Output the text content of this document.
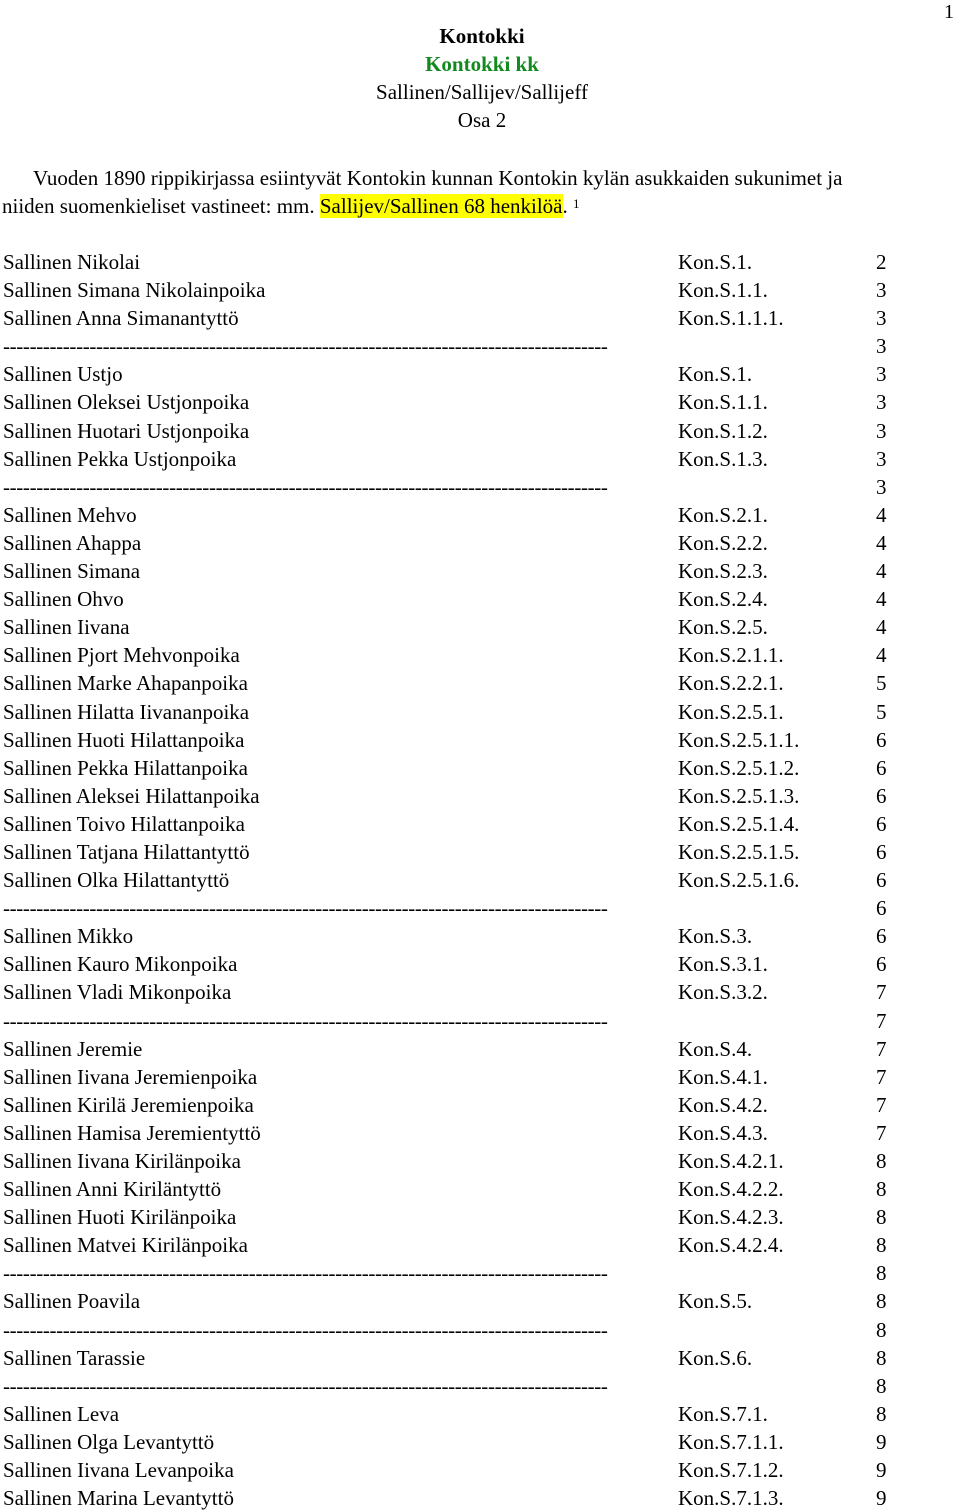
1
Kontokki
Kontokki kk
Sallinen/Sallijev/Sallijeff
Osa 2
Vuoden 1890 rippikirjassa esiintyvät Kontokin kunnan Kontokin kylän asukkaiden sukunimet ja
niiden suomenkieliset vastineet: mm. Sallijev/Sallinen 68 henkilöä. $^1$
Sallinen Nikolai	Kon.S.1.	2
Sallinen Simana Nikolainpoika	Kon.S.1.1.	3
Sallinen Anna Simanantyttö	Kon.S.1.1.1.	3
-------------------------------------------------------------------------------------------	3
Sallinen Ustjo	Kon.S.1.	3
Sallinen Oleksei Ustjonpoika	Kon.S.1.1.	3
Sallinen Huotari Ustjonpoika	Kon.S.1.2.	3
Sallinen Pekka Ustjonpoika	Kon.S.1.3.	3
-------------------------------------------------------------------------------------------	3
Sallinen Mehvo	Kon.S.2.1.	4
Sallinen Ahappa	Kon.S.2.2.	4
Sallinen Simana	Kon.S.2.3.	4
Sallinen Ohvo	Kon.S.2.4.	4
Sallinen Iivana	Kon.S.2.5.	4
Sallinen Pjort Mehvonpoika	Kon.S.2.1.1.	4
Sallinen Marke Ahapanpoika	Kon.S.2.2.1.	5
Sallinen Hilatta Iivananpoika	Kon.S.2.5.1.	5
Sallinen Huoti Hilattanpoika	Kon.S.2.5.1.1.	6
Sallinen Pekka Hilattanpoika	Kon.S.2.5.1.2.	6
Sallinen Aleksei Hilattanpoika	Kon.S.2.5.1.3.	6
Sallinen Toivo Hilattanpoika	Kon.S.2.5.1.4.	6
Sallinen Tatjana Hilattantyttö	Kon.S.2.5.1.5.	6
Sallinen Olka Hilattantyttö	Kon.S.2.5.1.6.	6
-------------------------------------------------------------------------------------------	6
Sallinen Mikko	Kon.S.3.	6
Sallinen Kauro Mikonpoika	Kon.S.3.1.	6
Sallinen Vladi Mikonpoika	Kon.S.3.2.	7
-------------------------------------------------------------------------------------------	7
Sallinen Jeremie	Kon.S.4.	7
Sallinen Iivana Jeremienpoika	Kon.S.4.1.	7
Sallinen Kirilä Jeremienpoika	Kon.S.4.2.	7
Sallinen Hamisa Jeremientyttö	Kon.S.4.3.	7
Sallinen Iivana Kirilänpoika	Kon.S.4.2.1.	8
Sallinen Anni Kiriläntyttö	Kon.S.4.2.2.	8
Sallinen Huoti Kirilänpoika	Kon.S.4.2.3.	8
Sallinen Matvei Kirilänpoika	Kon.S.4.2.4.	8
-------------------------------------------------------------------------------------------	8
Sallinen Poavila	Kon.S.5.	8
-------------------------------------------------------------------------------------------	8
Sallinen Tarassie	Kon.S.6.	8
-------------------------------------------------------------------------------------------	8
Sallinen Leva	Kon.S.7.1.	8
Sallinen Olga Levantyttö	Kon.S.7.1.1.	9
Sallinen Iivana Levanpoika	Kon.S.7.1.2.	9
Sallinen Marina Levantyttö	Kon.S.7.1.3.	9
